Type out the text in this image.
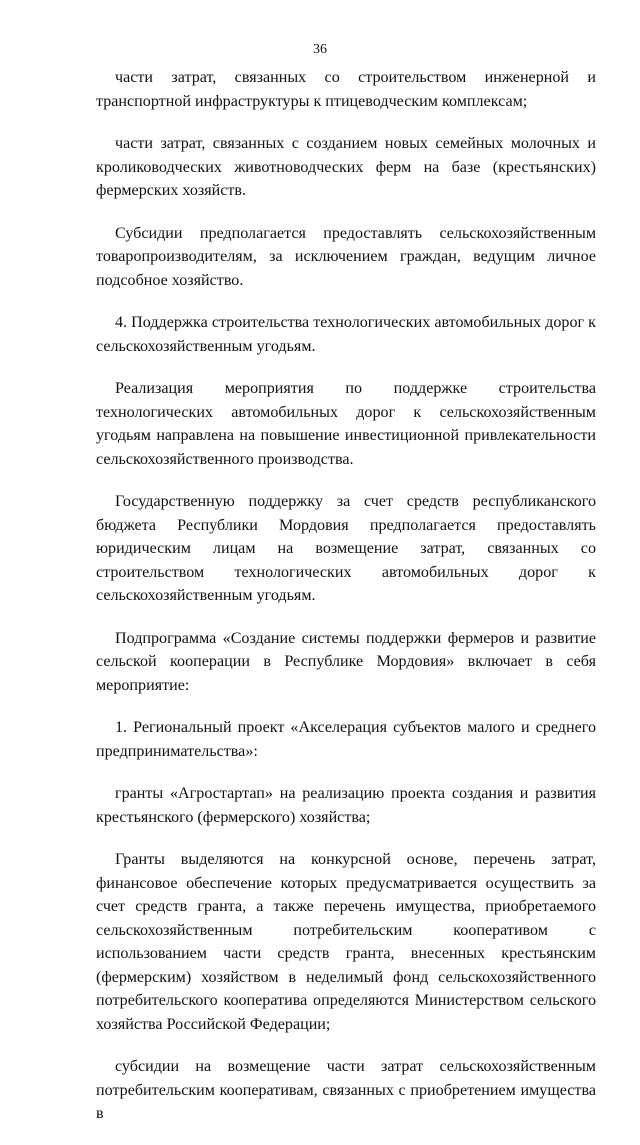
36

части затрат, связанных со строительством инженерной и транспортной инфраструктуры к птицеводческим комплексам;

части затрат, связанных с созданием новых семейных молочных и кролиководческих животноводческих ферм на базе (крестьянских) фермерских хозяйств.

Субсидии предполагается предоставлять сельскохозяйственным товаропроизводителям, за исключением граждан, ведущим личное подсобное хозяйство.

4. Поддержка строительства технологических автомобильных дорог к сельскохозяйственным угодьям.

Реализация мероприятия по поддержке строительства технологических автомобильных дорог к сельскохозяйственным угодьям направлена на повышение инвестиционной привлекательности сельскохозяйственного производства.

Государственную поддержку за счет средств республиканского бюджета Республики Мордовия предполагается предоставлять юридическим лицам на возмещение затрат, связанных со строительством технологических автомобильных дорог к сельскохозяйственным угодьям.

Подпрограмма «Создание системы поддержки фермеров и развитие сельской кооперации в Республике Мордовия» включает в себя мероприятие:

1. Региональный проект «Акселерация субъектов малого и среднего предпринимательства»:

гранты «Агростартап» на реализацию проекта создания и развития крестьянского (фермерского) хозяйства;

Гранты выделяются на конкурсной основе, перечень затрат, финансовое обеспечение которых предусматривается осуществить за счет средств гранта, а также перечень имущества, приобретаемого сельскохозяйственным потребительским кооперативом с использованием части средств гранта, внесенных крестьянским (фермерским) хозяйством в неделимый фонд сельскохозяйственного потребительского кооператива определяются Министерством сельского хозяйства Российской Федерации;

субсидии на возмещение части затрат сельскохозяйственным потребительским кооперативам, связанных с приобретением имущества в
